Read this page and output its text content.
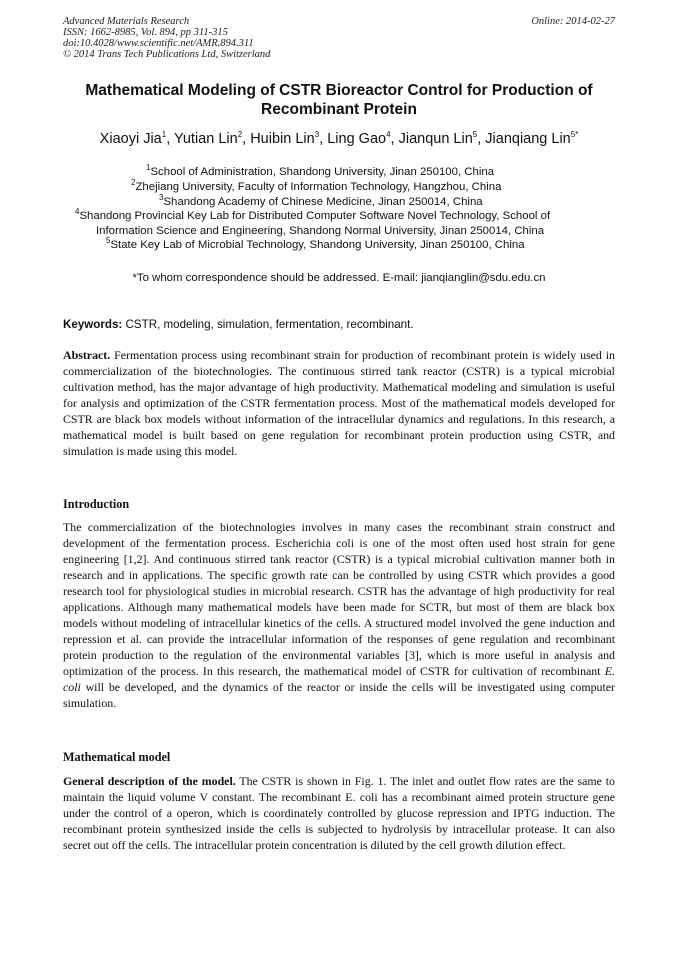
Advanced Materials Research
ISSN: 1662-8985, Vol. 894, pp 311-315
doi:10.4028/www.scientific.net/AMR.894.311
© 2014 Trans Tech Publications Ltd, Switzerland
Online: 2014-02-27
Mathematical Modeling of CSTR Bioreactor Control for Production of
Recombinant Protein
Xiaoyi Jia$^1$, Yutian Lin$^2$, Huibin Lin$^3$, Ling Gao$^4$, Jianqun Lin$^5$, Jianqiang Lin$^{5*}$
$^1$School of Administration, Shandong University, Jinan 250100, China
$^2$Zhejiang University, Faculty of Information Technology, Hangzhou, China
$^3$Shandong Academy of Chinese Medicine, Jinan 250014, China
$^4$Shandong Provincial Key Lab for Distributed Computer Software Novel Technology, School of
Information Science and Engineering, Shandong Normal University, Jinan 250014, China
$^5$State Key Lab of Microbial Technology, Shandong University, Jinan 250100, China
*To whom correspondence should be addressed. E-mail: jianqianglin@sdu.edu.cn
Keywords: CSTR, modeling, simulation, fermentation, recombinant.
Abstract. Fermentation process using recombinant strain for production of recombinant protein is widely used in commercialization of the biotechnologies. The continuous stirred tank reactor (CSTR) is a typical microbial cultivation method, has the major advantage of high productivity. Mathematical modeling and simulation is useful for analysis and optimization of the CSTR fermentation process. Most of the mathematical models developed for CSTR are black box models without information of the intracellular dynamics and regulations. In this research, a mathematical model is built based on gene regulation for recombinant protein production using CSTR, and simulation is made using this model.
Introduction
The commercialization of the biotechnologies involves in many cases the recombinant strain construct and development of the fermentation process. Escherichia coli is one of the most often used host strain for gene engineering [1,2]. And continuous stirred tank reactor (CSTR) is a typical microbial cultivation manner both in research and in applications. The specific growth rate can be controlled by using CSTR which provides a good research tool for physiological studies in microbial research. CSTR has the advantage of high productivity for real applications. Although many mathematical models have been made for SCTR, but most of them are black box models without modeling of intracellular kinetics of the cells. A structured model involved the gene induction and repression et al. can provide the intracellular information of the responses of gene regulation and recombinant protein production to the regulation of the environmental variables [3], which is more useful in analysis and optimization of the process. In this research, the mathematical model of CSTR for cultivation of recombinant E. coli will be developed, and the dynamics of the reactor or inside the cells will be investigated using computer simulation.
Mathematical model
General description of the model. The CSTR is shown in Fig. 1. The inlet and outlet flow rates are the same to maintain the liquid volume V constant. The recombinant E. coli has a recombinant aimed protein structure gene under the control of a operon, which is coordinately controlled by glucose repression and IPTG induction. The recombinant protein synthesized inside the cells is subjected to hydrolysis by intracellular protease. It can also secret out off the cells. The intracellular protein concentration is diluted by the cell growth dilution effect.
